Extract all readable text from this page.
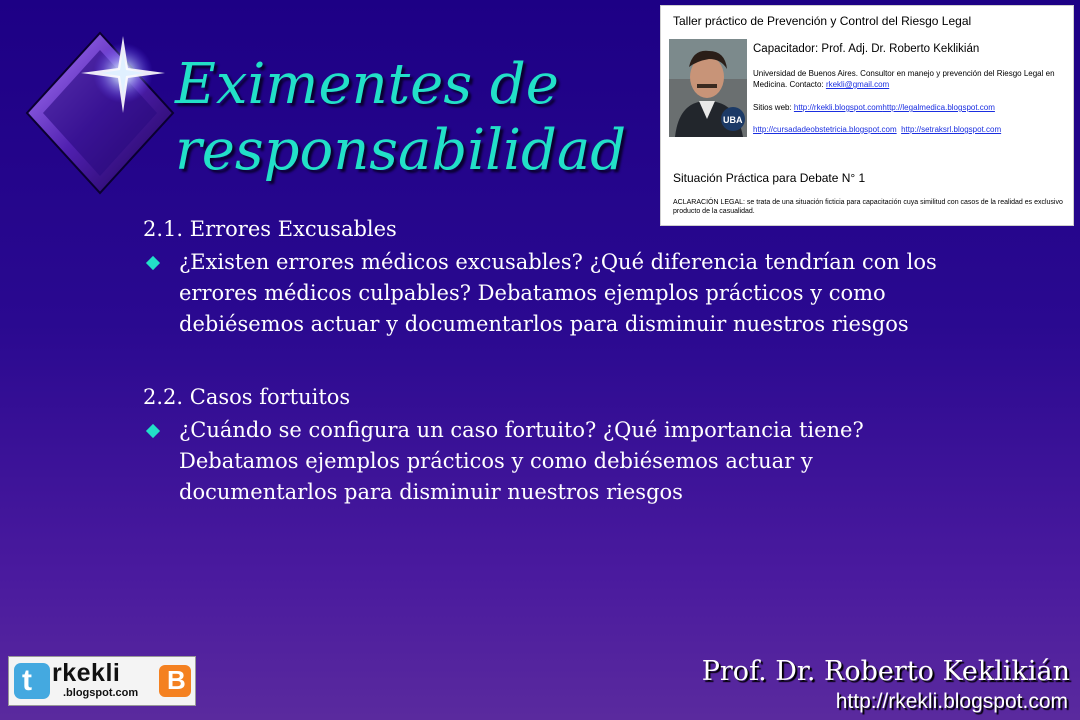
Eximentes de
responsabilidad
Taller práctico de Prevención y Control del Riesgo Legal
UBA
Capacitador: Prof. Adj. Dr. Roberto Keklikián
Universidad de Buenos Aires. Consultor en manejo y prevención del Riesgo Legal en Medicina. Contacto: rkekli@gmail.com
Sitios web: http://rkekli.blogspot.comhttp://legalmedica.blogspot.com
http://cursadadeobstetricia.blogspot.com http://setraksrl.blogspot.com
Situación Práctica para Debate N° 1
ACLARACIÓN LEGAL: se trata de una situación ficticia para capacitación cuya similitud con casos de la realidad es exclusivo producto de la casualidad.

2.1. Errores Excusables

¿Existen errores médicos excusables? ¿Qué diferencia tendrían con los errores médicos culpables? Debatamos ejemplos prácticos y como debiésemos actuar y documentarlos para disminuir nuestros riesgos

2.2. Casos fortuitos

¿Cuándo se configura un caso fortuito? ¿Qué importancia tiene? Debatamos ejemplos prácticos y como debiésemos actuar y documentarlos para disminuir nuestros riesgos

t rkekli
.blogspot.com B	Prof. Dr. Roberto Keklikián
http://rkekli.blogspot.com
